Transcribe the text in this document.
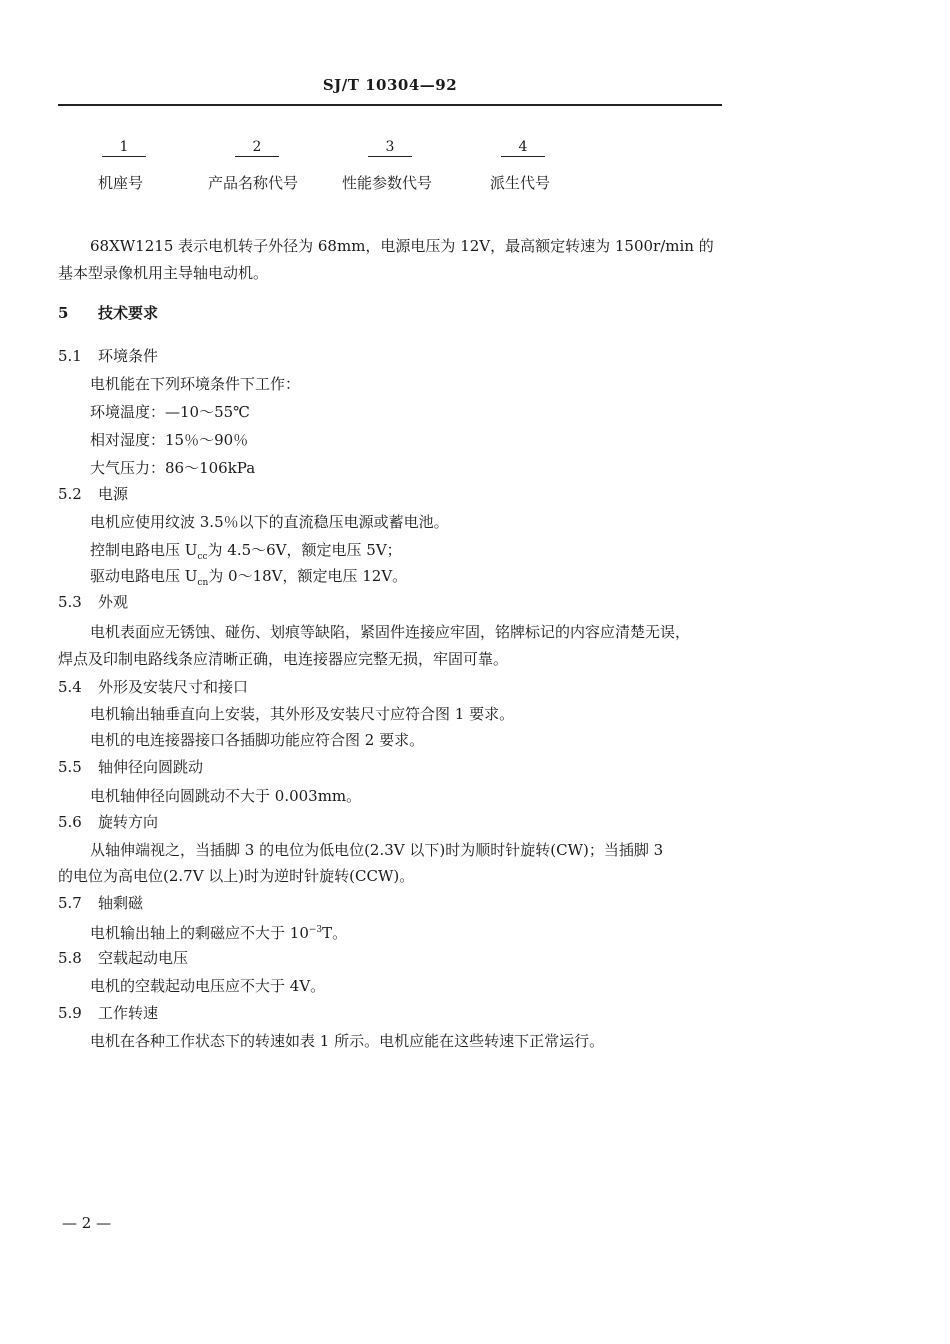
SJ/T 10304—92
1	2	3	4
机座号	产品名称代号	性能参数代号	派生代号
68XW1215 表示电机转子外径为 68mm，电源电压为 12V，最高额定转速为 1500r/min 的
基本型录像机用主导轴电动机。
5 技术要求
5.1 环境条件
电机能在下列环境条件下工作：
环境温度：—10～55℃
相对湿度：15％～90％
大气压力：86～106kPa
5.2 电源
电机应使用纹波 3.5％以下的直流稳压电源或蓄电池。
控制电路电压 $U_{cc}$为 4.5～6V，额定电压 5V；
驱动电路电压 $U_{cn}$为 0～18V，额定电压 12V。
5.3 外观
电机表面应无锈蚀、碰伤、划痕等缺陷，紧固件连接应牢固，铭牌标记的内容应清楚无误，
焊点及印制电路线条应清晰正确，电连接器应完整无损，牢固可靠。
5.4 外形及安装尺寸和接口
电机输出轴垂直向上安装，其外形及安装尺寸应符合图 1 要求。
电机的电连接器接口各插脚功能应符合图 2 要求。
5.5 轴伸径向圆跳动
电机轴伸径向圆跳动不大于 0.003mm。
5.6 旋转方向
从轴伸端视之，当插脚 3 的电位为低电位(2.3V 以下)时为顺时针旋转(CW)；当插脚 3
的电位为高电位(2.7V 以上)时为逆时针旋转(CCW)。
5.7 轴剩磁
电机输出轴上的剩磁应不大于 $10^{-3}T$。
5.8 空载起动电压
电机的空载起动电压应不大于 4V。
5.9 工作转速
电机在各种工作状态下的转速如表 1 所示。电机应能在这些转速下正常运行。
— 2 —
